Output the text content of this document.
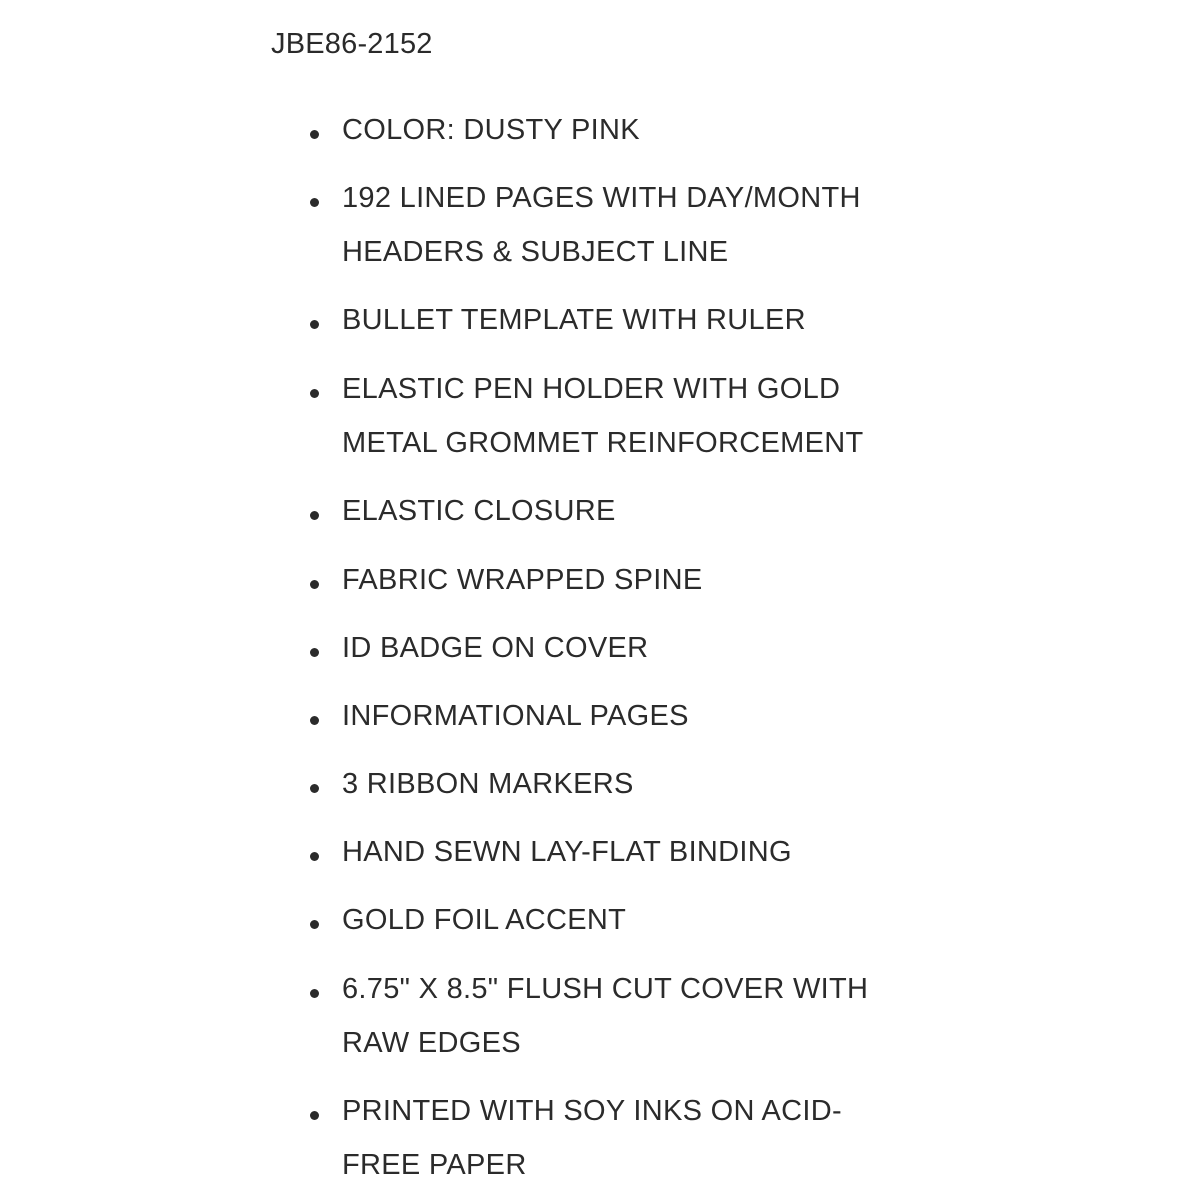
JBE86-2152
COLOR: DUSTY PINK
192 LINED PAGES WITH DAY/MONTH HEADERS & SUBJECT LINE
BULLET TEMPLATE WITH RULER
ELASTIC PEN HOLDER WITH GOLD METAL GROMMET REINFORCEMENT
ELASTIC CLOSURE
FABRIC WRAPPED SPINE
ID BADGE ON COVER
INFORMATIONAL PAGES
3 RIBBON MARKERS
HAND SEWN LAY-FLAT BINDING
GOLD FOIL ACCENT
6.75" X 8.5" FLUSH CUT COVER WITH RAW EDGES
PRINTED WITH SOY INKS ON ACID-FREE PAPER
